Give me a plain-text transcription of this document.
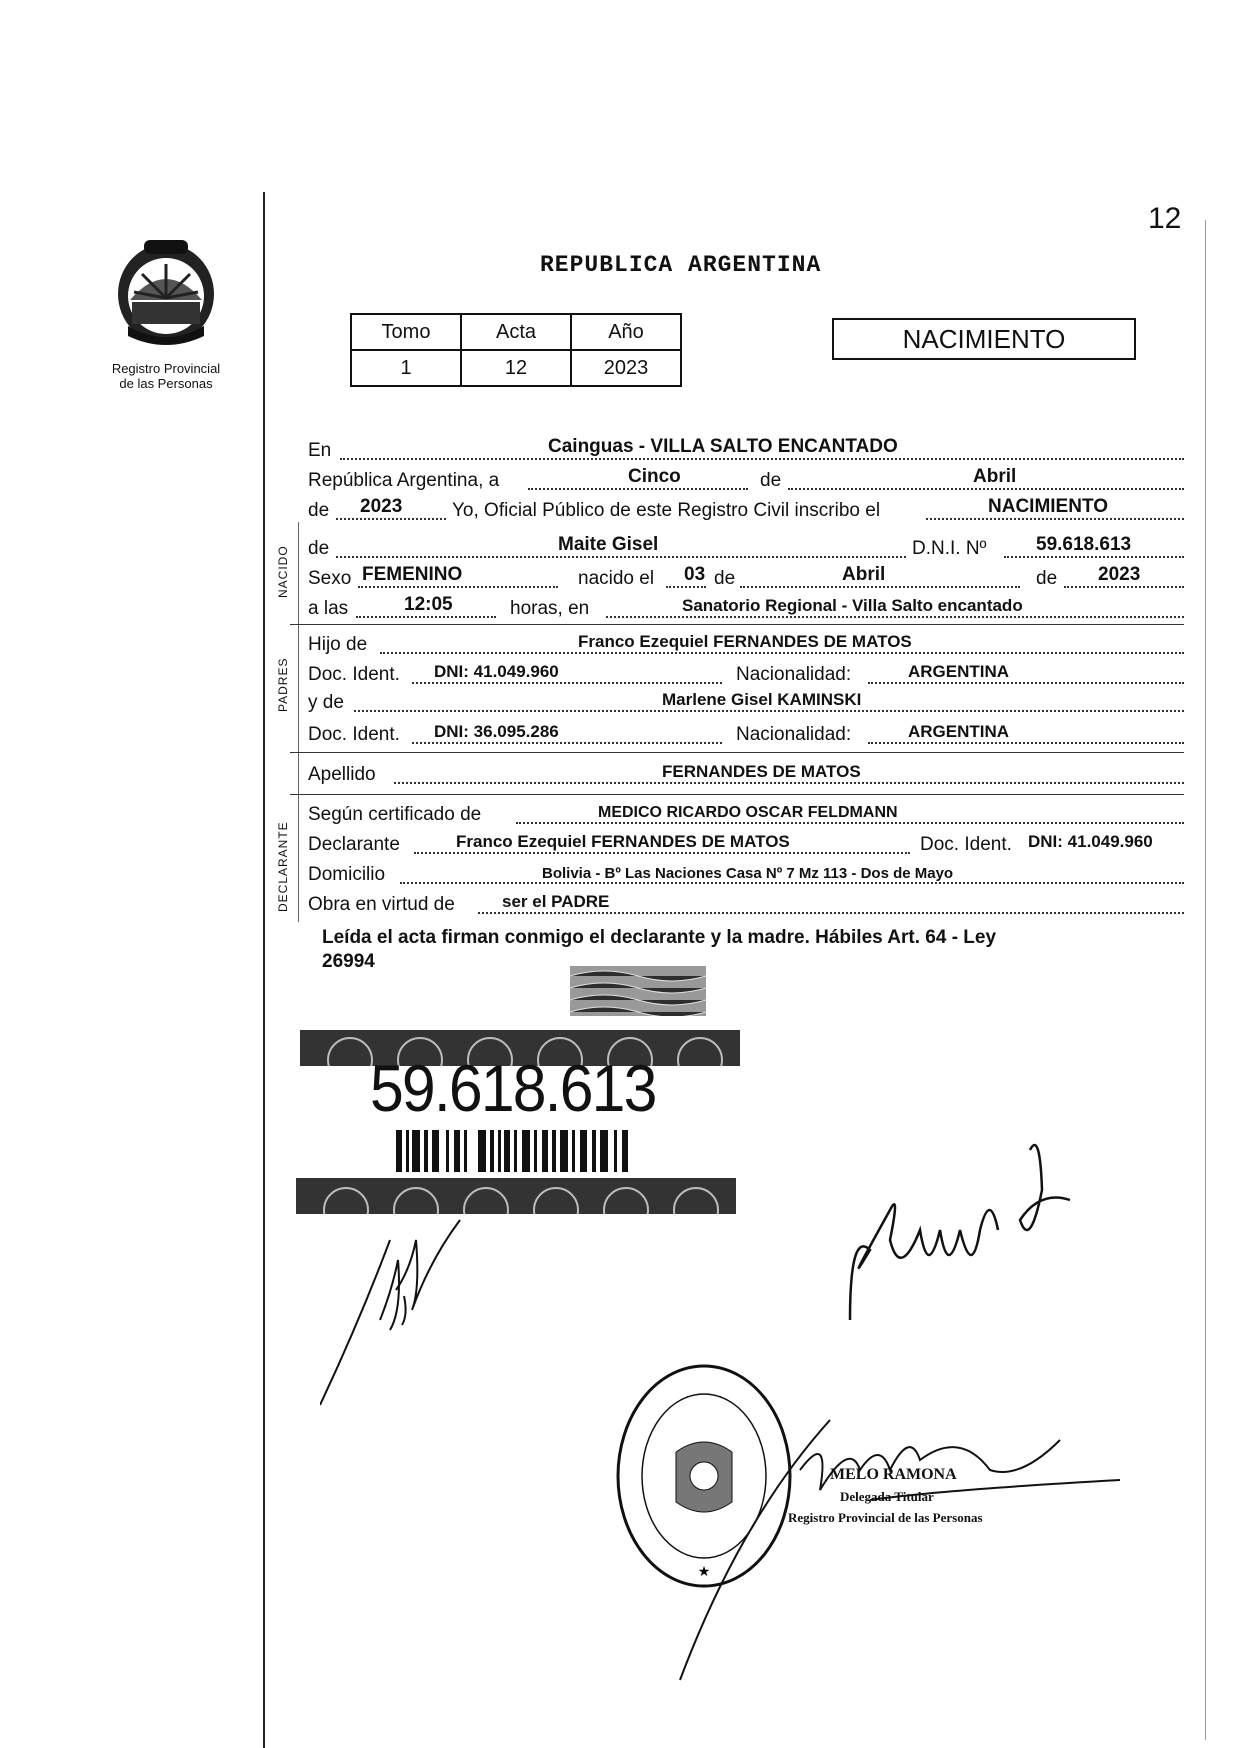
12
Registro Provincial
de las Personas
REPUBLICA ARGENTINA
Tomo	Acta	Año
1	12	2023
NACIMIENTO
NACIDO
PADRES
DECLARANTE
En	Cainguas - VILLA SALTO ENCANTADO
República Argentina, a	Cinco	de	Abril
de 2023	Yo, Oficial Público de este Registro Civil inscribo el	NACIMIENTO
de	Maite Gisel	D.N.I. Nº	59.618.613
Sexo FEMENINO	nacido el 03 de	Abril	de 2023
a las	12:05	horas, en	Sanatorio Regional - Villa Salto encantado
Hijo de	Franco Ezequiel FERNANDES DE MATOS
Doc. Ident. DNI: 41.049.960	Nacionalidad:	ARGENTINA
y de	Marlene Gisel KAMINSKI
Doc. Ident. DNI: 36.095.286	Nacionalidad:	ARGENTINA
Apellido	FERNANDES DE MATOS
Según certificado de	MEDICO RICARDO OSCAR FELDMANN
Declarante	Franco Ezequiel FERNANDES DE MATOS	Doc. Ident. DNI: 41.049.960
Domicilio	Bolivia - Bº Las Naciones Casa Nº 7 Mz 113 - Dos de Mayo
Obra en virtud de	ser el PADRE
Leída el acta firman conmigo el declarante y la madre. Hábiles Art. 64 - Ley
26994
59.618.613
★
MELO RAMONA
Delegada Titular
Registro Provincial de las Personas
